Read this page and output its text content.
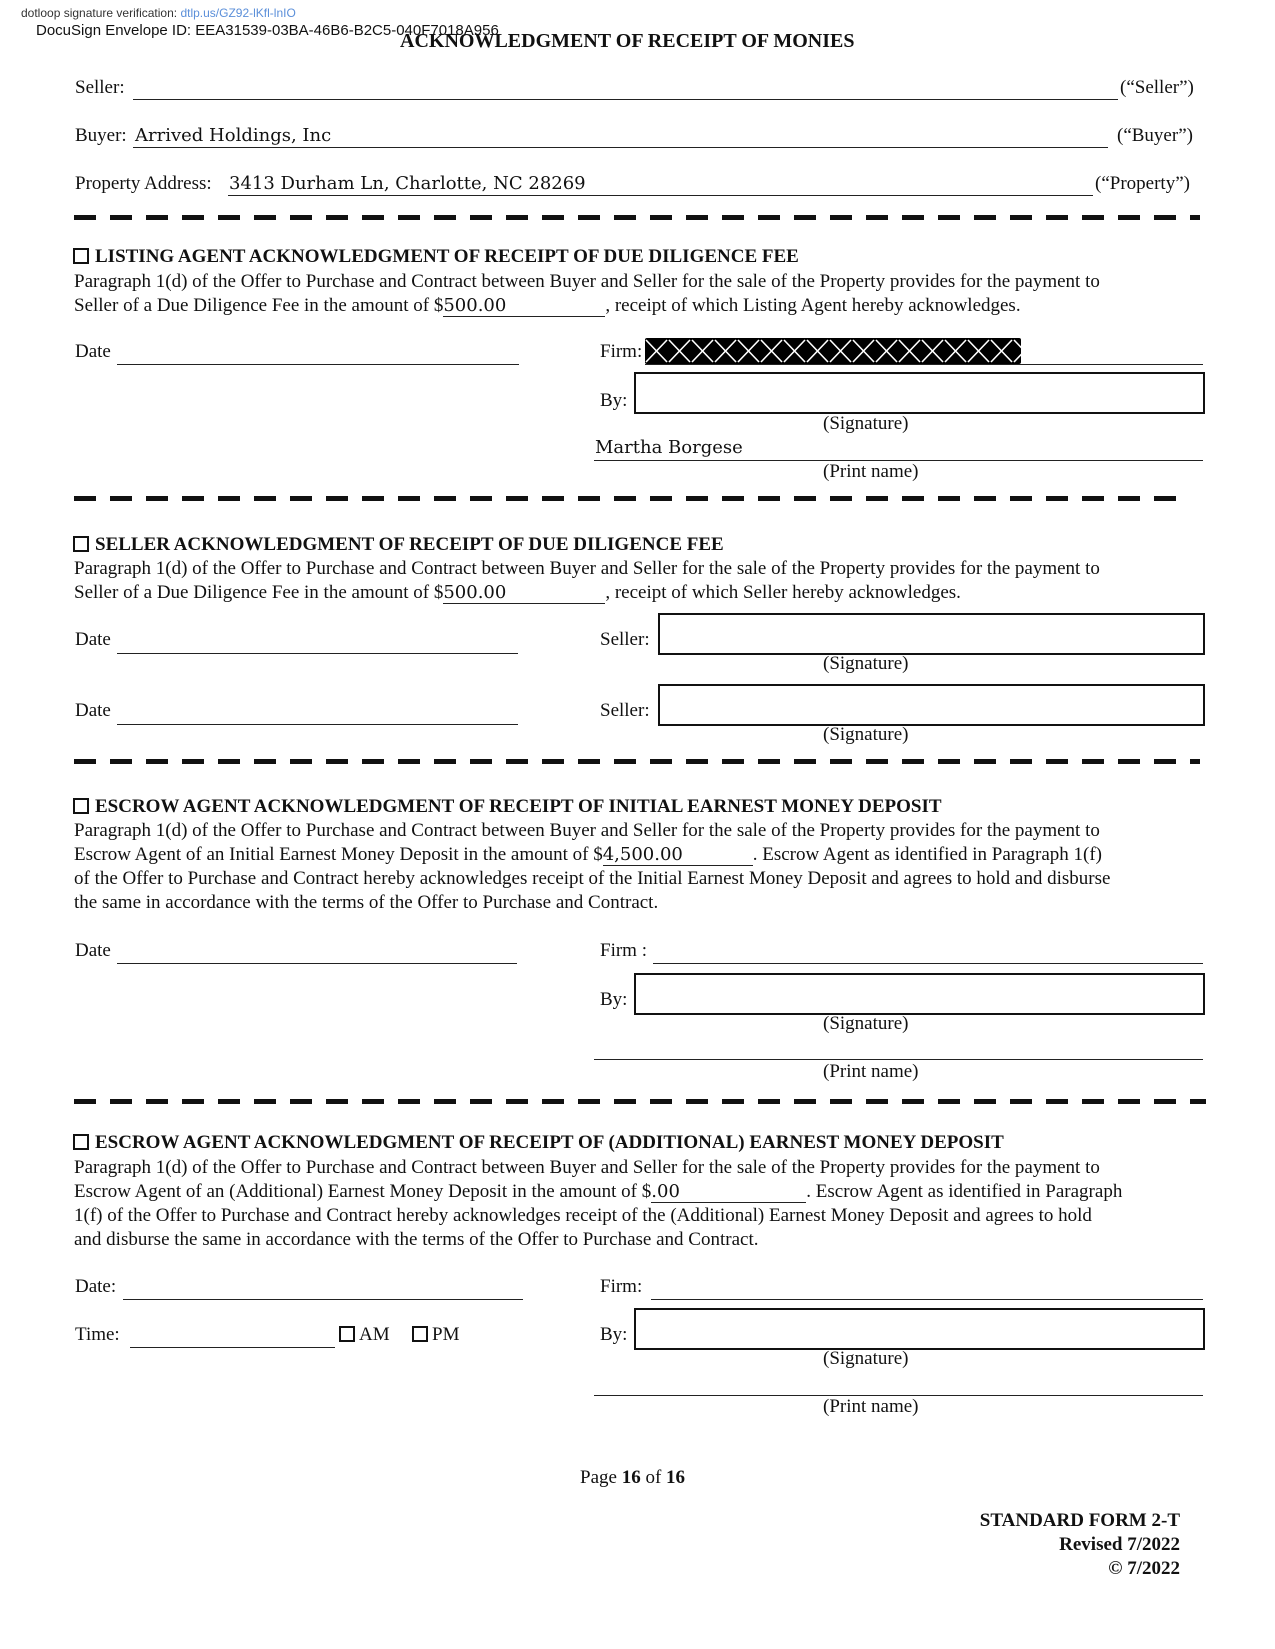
dotloop signature verification: dtlp.us/GZ92-lKfl-lnIO
DocuSign Envelope ID: EEA31539-03BA-46B6-B2C5-040F7018A956
ACKNOWLEDGMENT OF RECEIPT OF MONIES
Seller:	(“Seller”)
Buyer: Arrived Holdings, Inc	(“Buyer”)
Property Address: 3413 Durham Ln, Charlotte, NC 28269	(“Property”)
LISTING AGENT ACKNOWLEDGMENT OF RECEIPT OF DUE DILIGENCE FEE
Paragraph 1(d) of the Offer to Purchase and Contract between Buyer and Seller for the sale of the Property provides for the payment to
Seller of a Due Diligence Fee in the amount of $500.00	, receipt of which Listing Agent hereby acknowledges.
Date	Firm:
By:
(Signature)
Martha Borgese
(Print name)
SELLER ACKNOWLEDGMENT OF RECEIPT OF DUE DILIGENCE FEE
Paragraph 1(d) of the Offer to Purchase and Contract between Buyer and Seller for the sale of the Property provides for the payment to
Seller of a Due Diligence Fee in the amount of $500.00	, receipt of which Seller hereby acknowledges.
Date	Seller:
(Signature)
Date	Seller:
(Signature)
ESCROW AGENT ACKNOWLEDGMENT OF RECEIPT OF INITIAL EARNEST MONEY DEPOSIT
Paragraph 1(d) of the Offer to Purchase and Contract between Buyer and Seller for the sale of the Property provides for the payment to
Escrow Agent of an Initial Earnest Money Deposit in the amount of $4,500.00	. Escrow Agent as identified in Paragraph 1(f)
of the Offer to Purchase and Contract hereby acknowledges receipt of the Initial Earnest Money Deposit and agrees to hold and disburse
the same in accordance with the terms of the Offer to Purchase and Contract.
Date	Firm :
By:
(Signature)
(Print name)
ESCROW AGENT ACKNOWLEDGMENT OF RECEIPT OF (ADDITIONAL) EARNEST MONEY DEPOSIT
Paragraph 1(d) of the Offer to Purchase and Contract between Buyer and Seller for the sale of the Property provides for the payment to
Escrow Agent of an (Additional) Earnest Money Deposit in the amount of $.00	. Escrow Agent as identified in Paragraph
1(f) of the Offer to Purchase and Contract hereby acknowledges receipt of the (Additional) Earnest Money Deposit and agrees to hold
and disburse the same in accordance with the terms of the Offer to Purchase and Contract.
Date:	Firm:
Time:	AM	PM	By:
(Signature)
(Print name)
Page 16 of 16
STANDARD FORM 2-T
Revised 7/2022
© 7/2022
